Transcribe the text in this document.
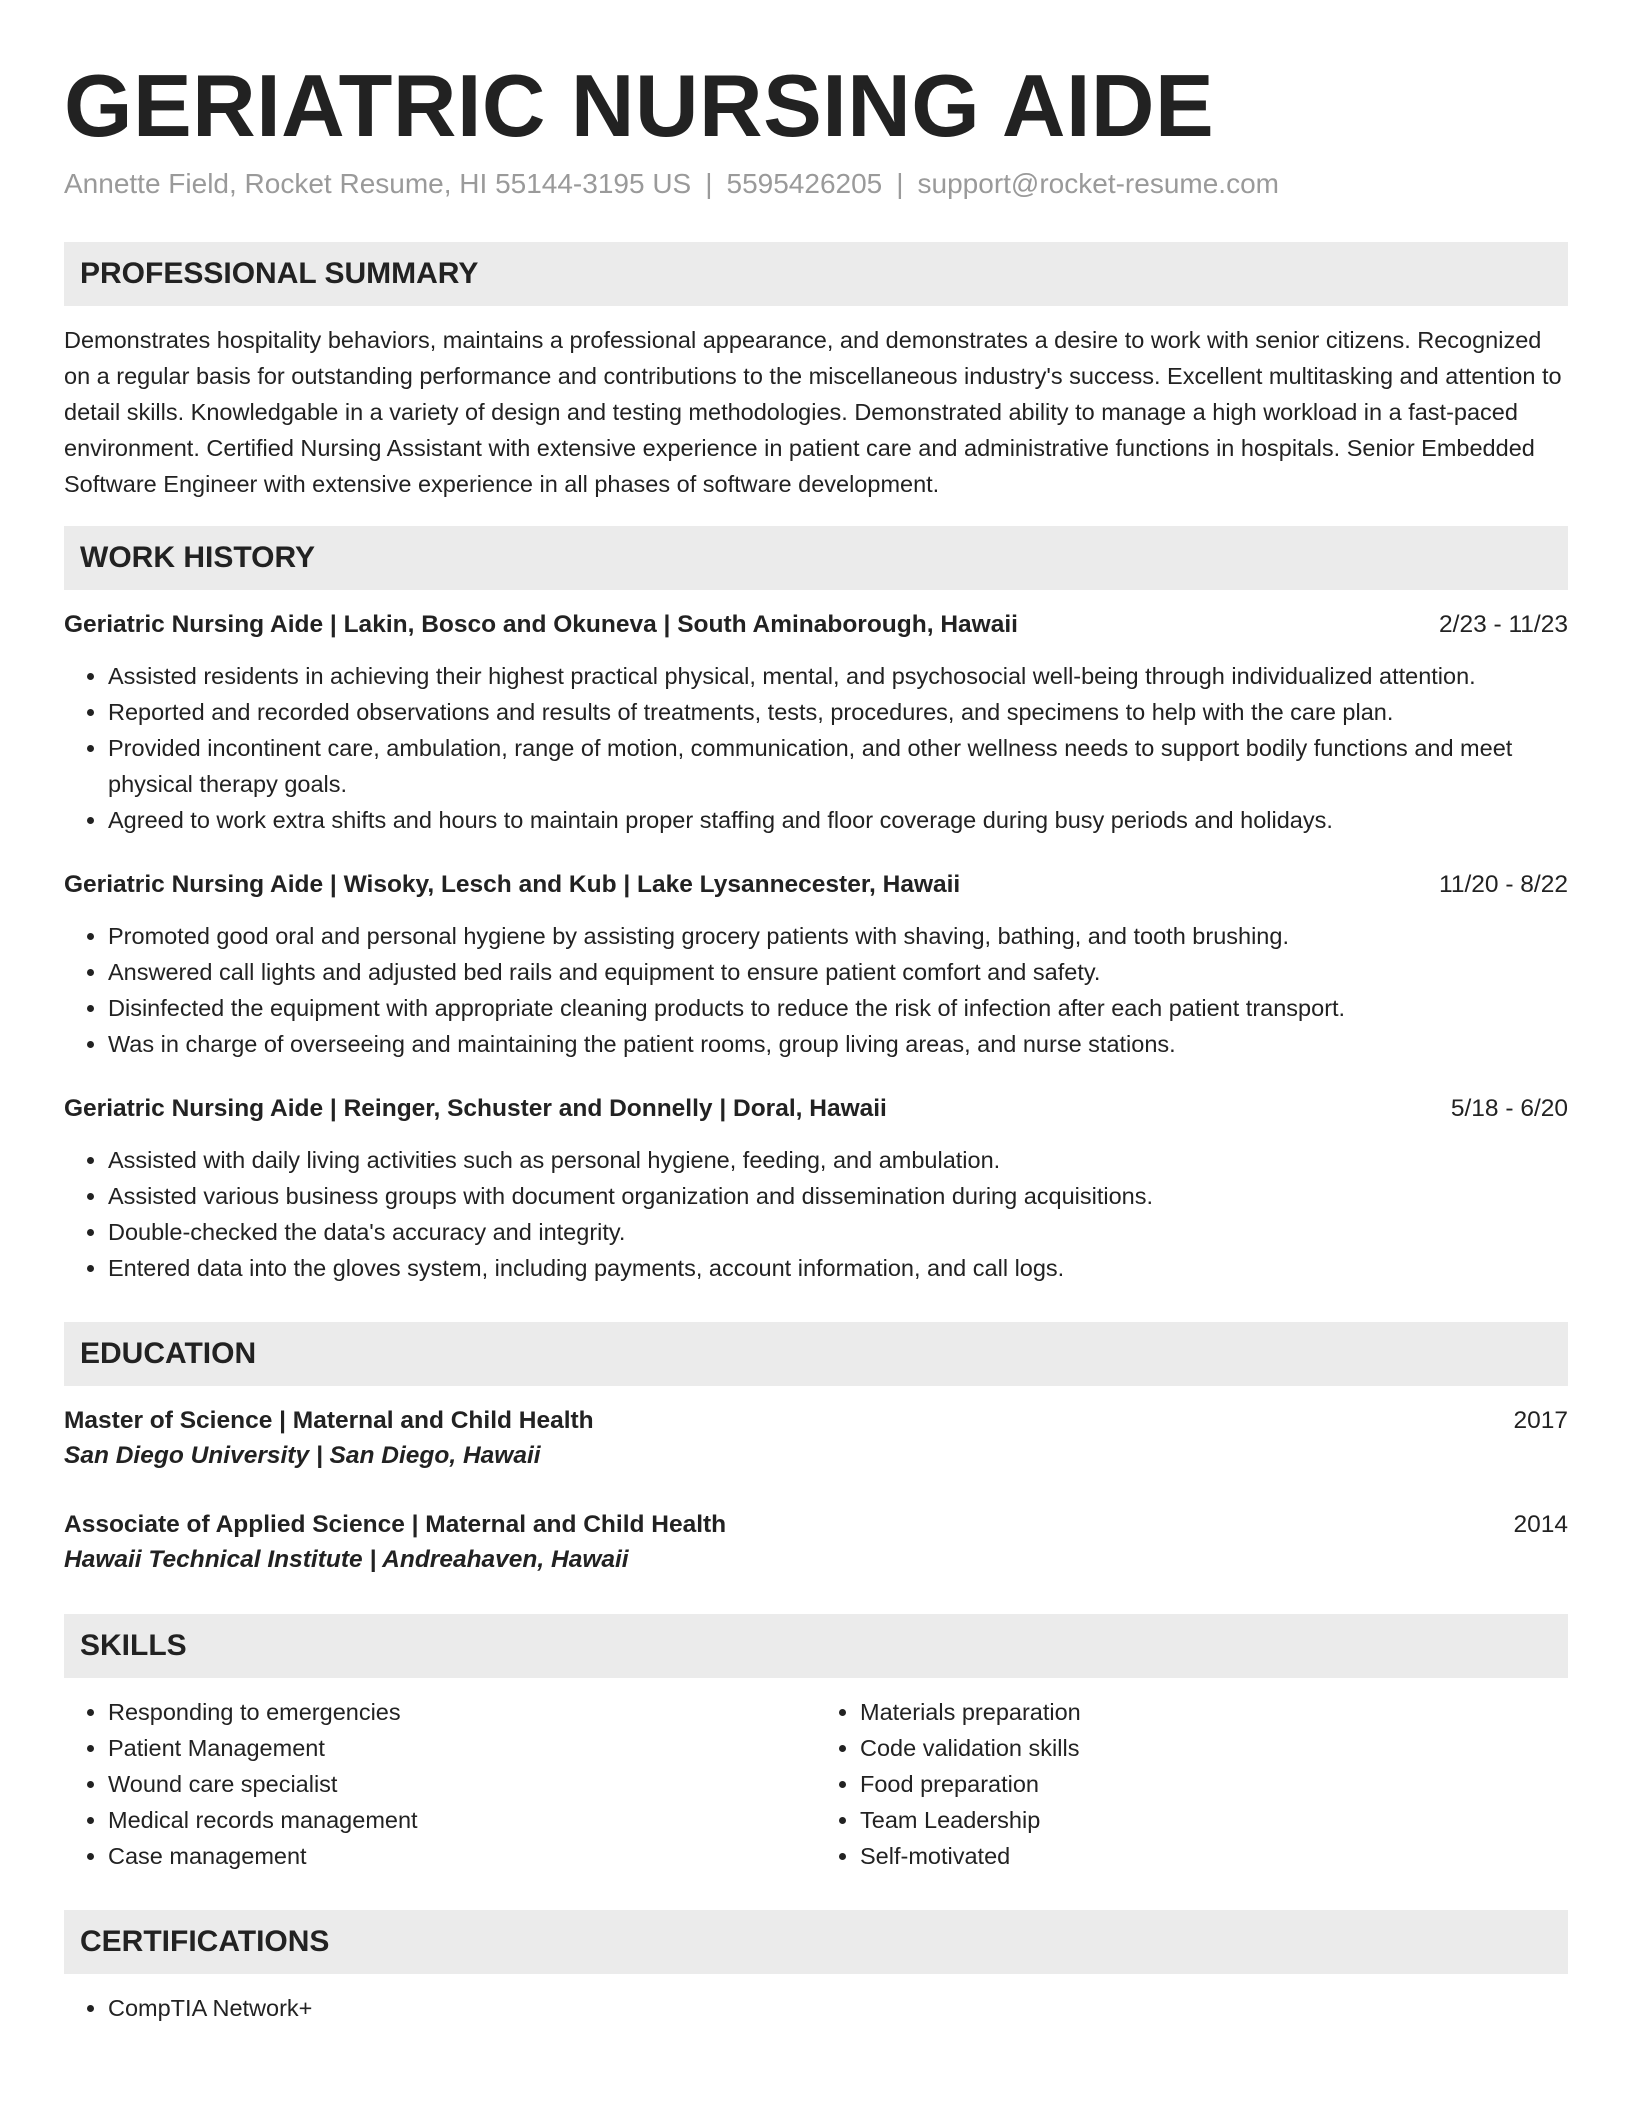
GERIATRIC NURSING AIDE
Annette Field, Rocket Resume, HI 55144-3195 US | 5595426205 | support@rocket-resume.com
PROFESSIONAL SUMMARY
Demonstrates hospitality behaviors, maintains a professional appearance, and demonstrates a desire to work with senior citizens. Recognized on a regular basis for outstanding performance and contributions to the miscellaneous industry's success. Excellent multitasking and attention to detail skills. Knowledgable in a variety of design and testing methodologies. Demonstrated ability to manage a high workload in a fast-paced environment. Certified Nursing Assistant with extensive experience in patient care and administrative functions in hospitals. Senior Embedded Software Engineer with extensive experience in all phases of software development.
WORK HISTORY
Geriatric Nursing Aide | Lakin, Bosco and Okuneva | South Aminaborough, Hawaii	2/23 - 11/23
• Assisted residents in achieving their highest practical physical, mental, and psychosocial well-being through individualized attention.
• Reported and recorded observations and results of treatments, tests, procedures, and specimens to help with the care plan.
• Provided incontinent care, ambulation, range of motion, communication, and other wellness needs to support bodily functions and meet physical therapy goals.
• Agreed to work extra shifts and hours to maintain proper staffing and floor coverage during busy periods and holidays.
Geriatric Nursing Aide | Wisoky, Lesch and Kub | Lake Lysannecester, Hawaii	11/20 - 8/22
• Promoted good oral and personal hygiene by assisting grocery patients with shaving, bathing, and tooth brushing.
• Answered call lights and adjusted bed rails and equipment to ensure patient comfort and safety.
• Disinfected the equipment with appropriate cleaning products to reduce the risk of infection after each patient transport.
• Was in charge of overseeing and maintaining the patient rooms, group living areas, and nurse stations.
Geriatric Nursing Aide | Reinger, Schuster and Donnelly | Doral, Hawaii	5/18 - 6/20
• Assisted with daily living activities such as personal hygiene, feeding, and ambulation.
• Assisted various business groups with document organization and dissemination during acquisitions.
• Double-checked the data's accuracy and integrity.
• Entered data into the gloves system, including payments, account information, and call logs.
EDUCATION
Master of Science | Maternal and Child Health	2017
San Diego University | San Diego, Hawaii
Associate of Applied Science | Maternal and Child Health	2014
Hawaii Technical Institute | Andreahaven, Hawaii
SKILLS
• Responding to emergencies
• Patient Management
• Wound care specialist
• Medical records management
• Case management
• Materials preparation
• Code validation skills
• Food preparation
• Team Leadership
• Self-motivated
CERTIFICATIONS
• CompTIA Network+
